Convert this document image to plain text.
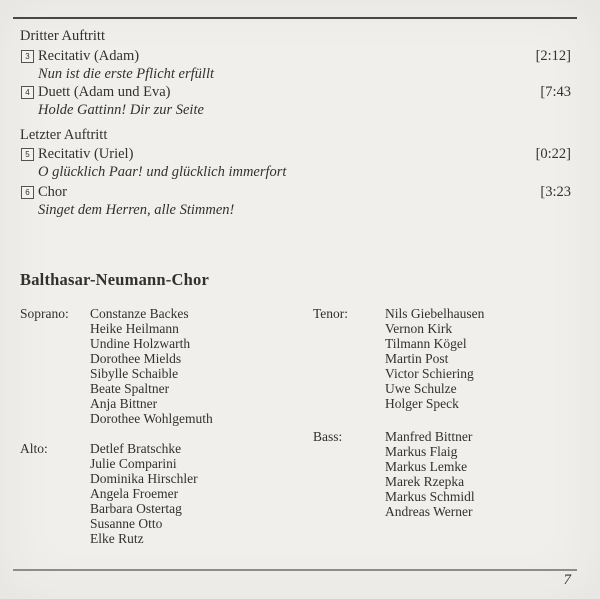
Dritter Auftritt
3 Recitativ (Adam)	[2:12]
Nun ist die erste Pflicht erfüllt
4 Duett (Adam und Eva)	[7:43
Holde Gattinn! Dir zur Seite
Letzter Auftritt
5 Recitativ (Uriel)	[0:22]
O glücklich Paar! und glücklich immerfort
6 Chor	[3:23
Singet dem Herren, alle Stimmen!
Balthasar-Neumann-Chor
Soprano: Constanze Backes
Heike Heilmann
Undine Holzwarth
Dorothee Mields
Sibylle Schaible
Beate Spaltner
Anja Bittner
Dorothee Wohlgemuth
Alto:	Detlef Bratschke
Julie Comparini
Dominika Hirschler
Angela Froemer
Barbara Ostertag
Susanne Otto
Elke Rutz
Tenor:	Nils Giebelhausen
Vernon Kirk
Tilmann Kögel
Martin Post
Victor Schiering
Uwe Schulze
Holger Speck
Bass:	Manfred Bittner
Markus Flaig
Markus Lemke
Marek Rzepka
Markus Schmidl
Andreas Werner
7
